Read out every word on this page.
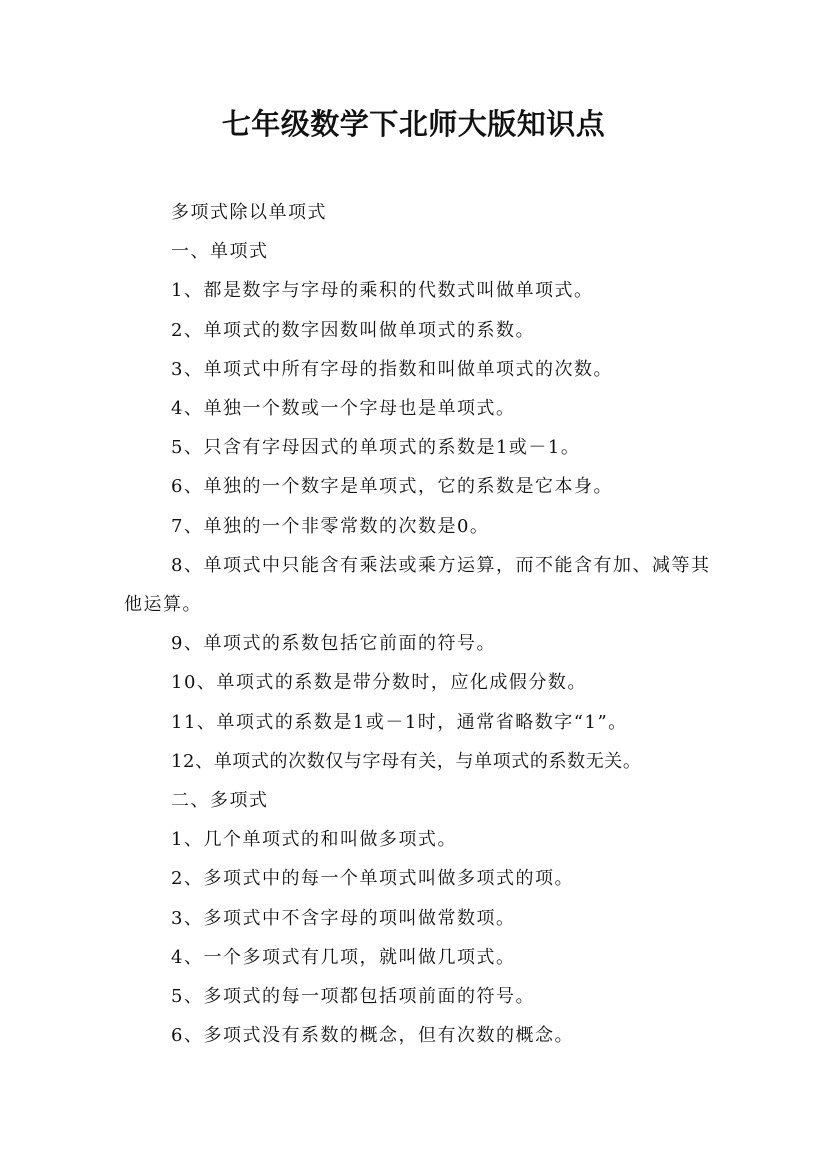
七年级数学下北师大版知识点

多项式除以单项式

一、单项式

1、都是数字与字母的乘积的代数式叫做单项式。

2、单项式的数字因数叫做单项式的系数。

3、单项式中所有字母的指数和叫做单项式的次数。

4、单独一个数或一个字母也是单项式。

5、只含有字母因式的单项式的系数是1或－1。

6、单独的一个数字是单项式，它的系数是它本身。

7、单独的一个非零常数的次数是0。

8、单项式中只能含有乘法或乘方运算，而不能含有加、减等其他运算。

9、单项式的系数包括它前面的符号。

10、单项式的系数是带分数时，应化成假分数。

11、单项式的系数是1或－1时，通常省略数字“1”。

12、单项式的次数仅与字母有关，与单项式的系数无关。

二、多项式

1、几个单项式的和叫做多项式。

2、多项式中的每一个单项式叫做多项式的项。

3、多项式中不含字母的项叫做常数项。

4、一个多项式有几项，就叫做几项式。

5、多项式的每一项都包括项前面的符号。

6、多项式没有系数的概念，但有次数的概念。
